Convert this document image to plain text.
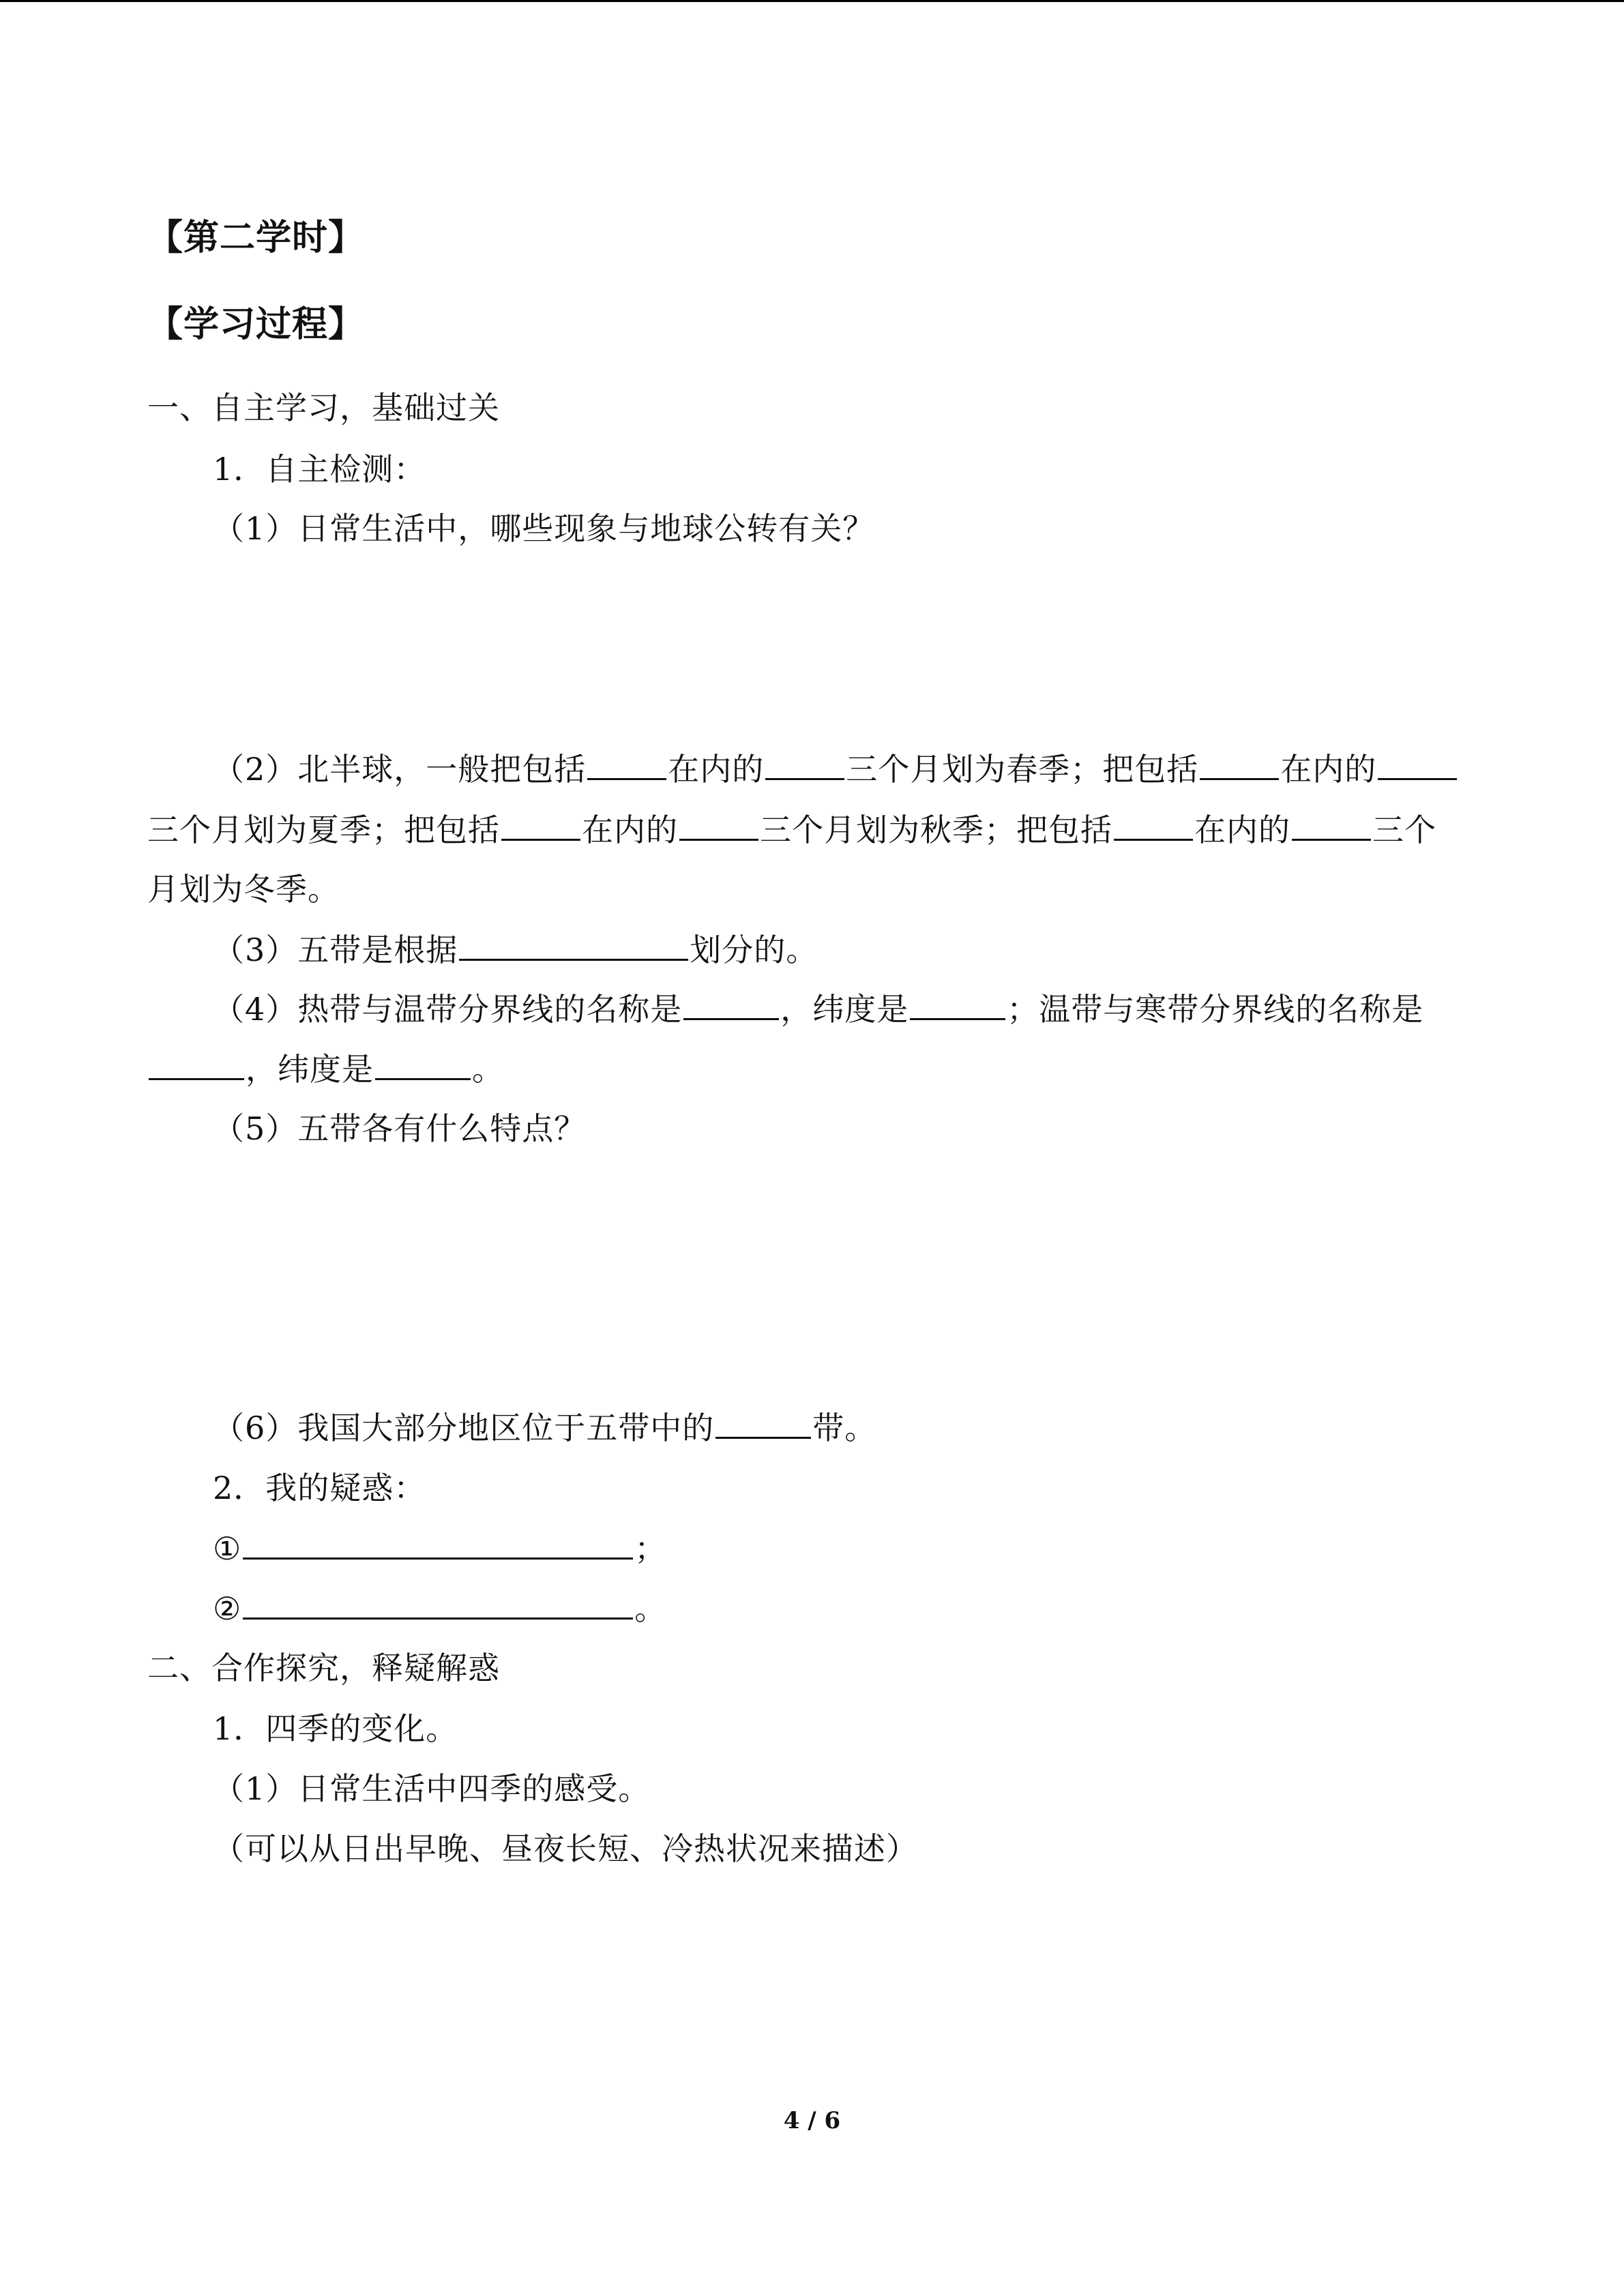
【第二学时】
【学习过程】
一、自主学习，基础过关
1．自主检测：
（1）日常生活中，哪些现象与地球公转有关？
（2）北半球，一般把包括	在内的	三个月划为春季；把包括	在内的
三个月划为夏季；把包括	在内的	三个月划为秋季；把包括	在内的	三个
月划为冬季。
（3）五带是根据	划分的。
（4）热带与温带分界线的名称是	，纬度是	；温带与寒带分界线的名称是
，纬度是	。
（5）五带各有什么特点？
（6）我国大部分地区位于五带中的	带。
2．我的疑惑：
①	；
②	。
二、合作探究，释疑解惑
1．四季的变化。
（1）日常生活中四季的感受。
（可以从日出早晚、昼夜长短、冷热状况来描述）
4 / 6
